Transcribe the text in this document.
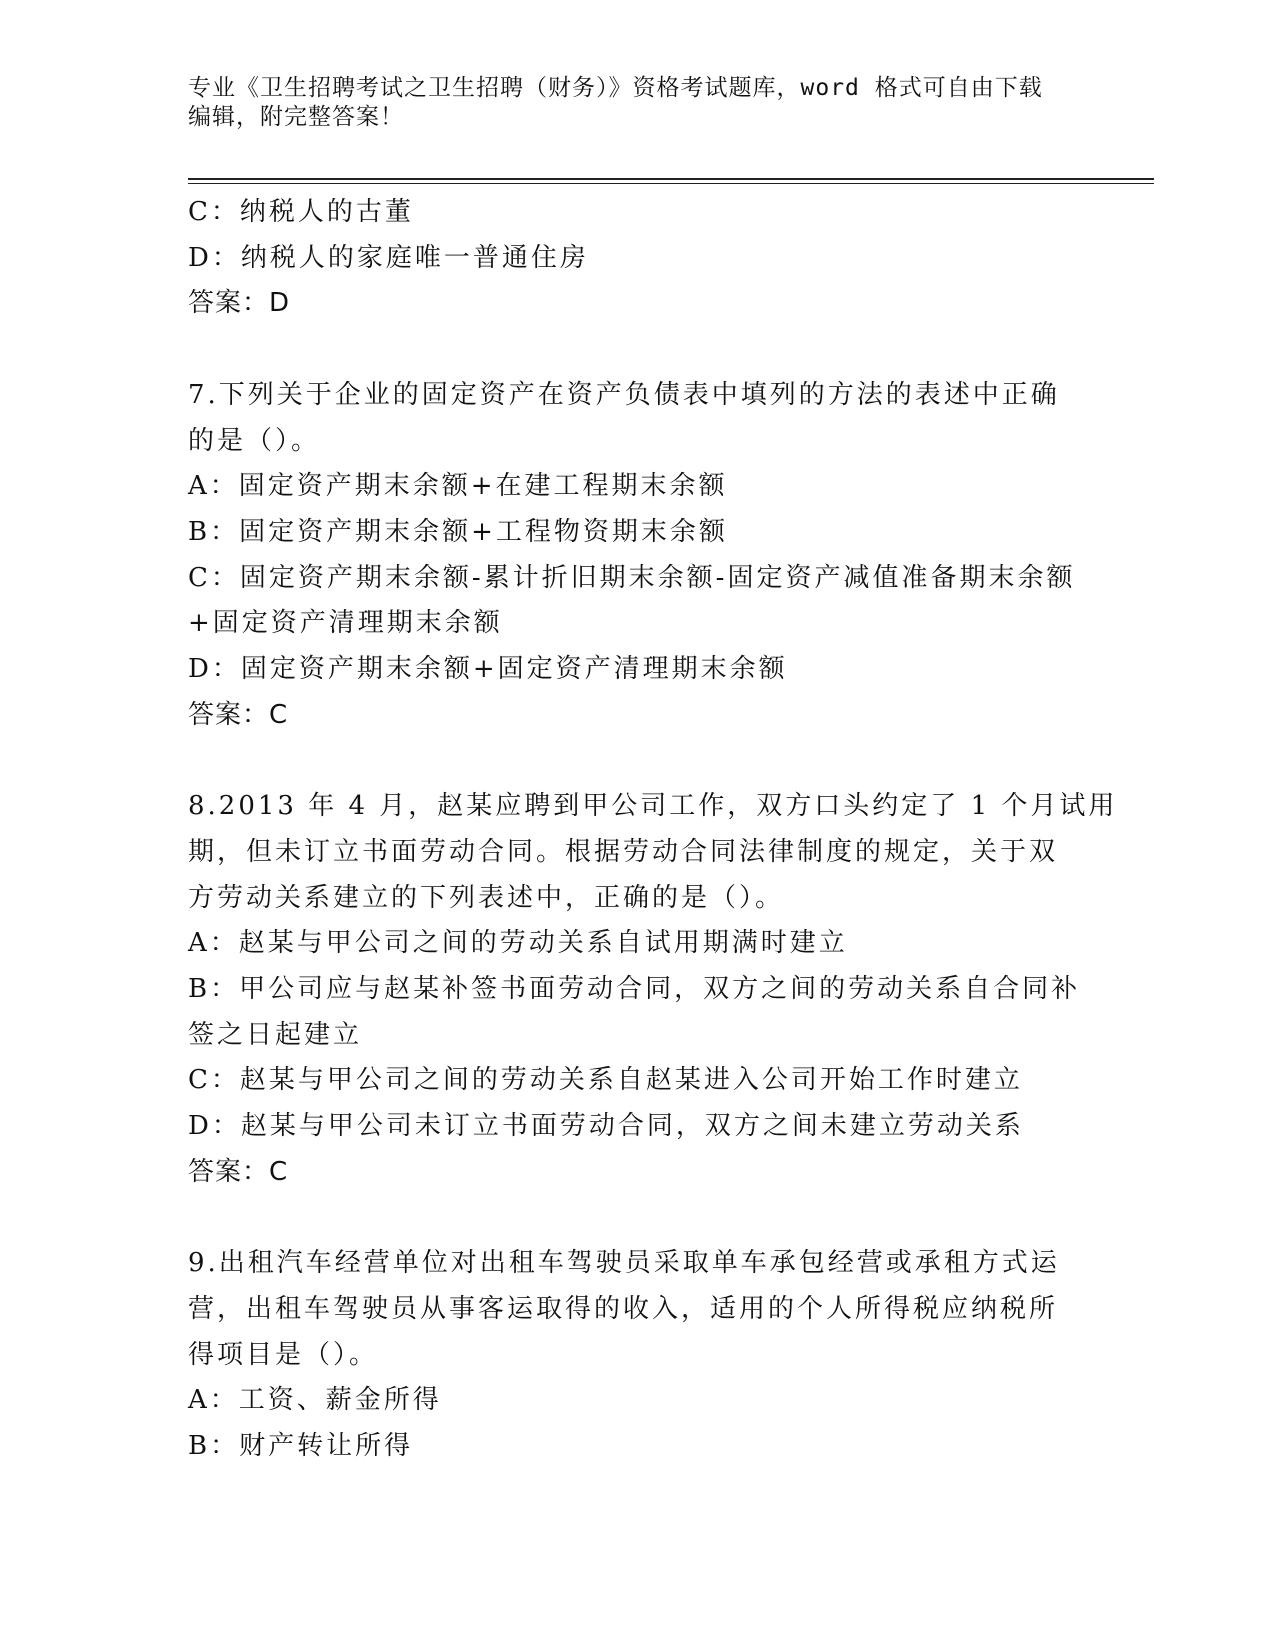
专业《卫生招聘考试之卫生招聘（财务）》资格考试题库，word 格式可自由下载
编辑，附完整答案！
C：纳税人的古董
D：纳税人的家庭唯一普通住房
答案：D
7.下列关于企业的固定资产在资产负债表中填列的方法的表述中正确
的是（）。
A：固定资产期末余额+在建工程期末余额
B：固定资产期末余额+工程物资期末余额
C：固定资产期末余额-累计折旧期末余额-固定资产减值准备期末余额
+固定资产清理期末余额
D：固定资产期末余额+固定资产清理期末余额
答案：C
8.2013 年 4 月，赵某应聘到甲公司工作，双方口头约定了 1 个月试用
期，但未订立书面劳动合同。根据劳动合同法律制度的规定，关于双
方劳动关系建立的下列表述中，正确的是（）。
A：赵某与甲公司之间的劳动关系自试用期满时建立
B：甲公司应与赵某补签书面劳动合同，双方之间的劳动关系自合同补
签之日起建立
C：赵某与甲公司之间的劳动关系自赵某进入公司开始工作时建立
D：赵某与甲公司未订立书面劳动合同，双方之间未建立劳动关系
答案：C
9.出租汽车经营单位对出租车驾驶员采取单车承包经营或承租方式运
营，出租车驾驶员从事客运取得的收入，适用的个人所得税应纳税所
得项目是（）。
A：工资、薪金所得
B：财产转让所得
